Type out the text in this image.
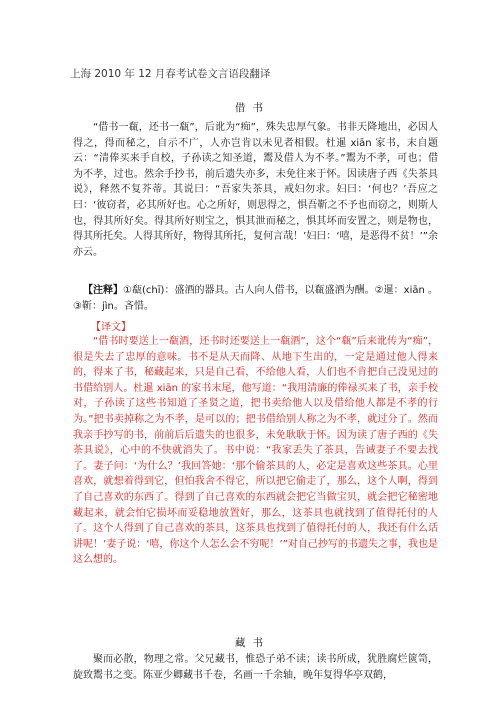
上海 2010 年 12 月春考试卷文言语段翻译
借 书

“借书一瓻，还书一瓻”，后讹为“痴”，殊失忠厚气象。书非天降地出，必因人得之，得而秘之，自示不广，人亦岂肯以未见者相假。杜暹 xiān 家书，末自题云：“清俸买来手自校，子孙读之知圣道，鬻及借人为不孝。”鬻为不孝，可也；借为不孝，过也。然余手抄书，前后遗失亦多，未免往来于怀。因读唐子西《失茶具说》，释然不复芥蒂。其说曰：“吾家失茶具，戒妇勿求。妇曰：‘何也？’吾应之曰：‘彼窃者，必其所好也。心之所好，则思得之，惧吾靳之不予也而窃之，则斯人也，得其所好矣。得其所好则宝之，惧其泄而秘之，惧其坏而安置之，则是物也，得其所托矣。人得其所好，物得其所托，复何言哉！’妇曰：‘嘻，是恶得不贫！’”余亦云。

【注释】①瓻(chī)：盛酒的器具。古人向人借书，以瓻盛酒为酬。②暹：xiān 。③靳：jìn。吝惜。

【译文】

“借书时要送上一瓻酒，还书时还要送上一瓻酒”，这个“瓻”后来讹传为“痴”，很是失去了忠厚的意味。书不是从天而降、从地下生出的，一定是通过他人得来的，得来了书，秘藏起来，只是自己看，不给他人看，人们也不肯把自己没见过的书借给别人。杜暹 xiān 的家书末尾，他写道：“我用清廉的俸禄买来了书，亲手校对，子孙读了这些书知道了圣贤之道，把书卖给他人以及借给他人都是不孝的行为。”把书卖掉称之为不孝，是可以的；把书借给别人称之为不孝，就过分了。然而我亲手抄写的书，前前后后遗失的也很多，未免耿耿于怀。因为读了唐子西的《失茶具说》，心中的不快就消失了。书中说：“我家丢失了茶具，告诫妻子不要去找了。妻子问：‘为什么？’我回答她：‘那个偷茶具的人，必定是喜欢这些茶具。心里喜欢，就想着得到它，但怕我舍不得它，所以把它偷走了，那么，这个人啊，得到了自己喜欢的东西了。得到了自己喜欢的东西就会把它当做宝贝，就会把它秘密地藏起来，就会怕它损坏而妥稳地放置好，那么，这茶具也就找到了值得托付的人了。这个人得到了自己喜欢的茶具，这茶具也找到了值得托付的人，我还有什么话讲呢！’妻子说：‘嘻，你这个人怎么会不穷呢！’”对自己抄写的书遗失之事，我也是这么想的。

藏 书

聚而必散，物理之常。父兄藏书，惟恐子弟不读；读书所成，犹胜腐烂篋笥，旋致鬻书之变。陈亚少卿藏书千卷，名画一千余轴，晚年复得华亭双鹤，
